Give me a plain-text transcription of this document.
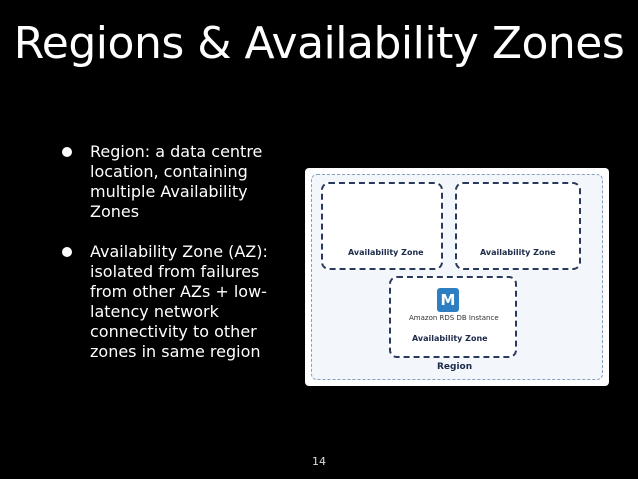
Regions & Availability Zones
Region: a data centre location, containing multiple Availability Zones
Availability Zone (AZ): isolated from failures from other AZs + low-latency network connectivity to other zones in same region
Availability Zone	Availability Zone
M
Amazon RDS DB Instance
Availability Zone
Region
14
